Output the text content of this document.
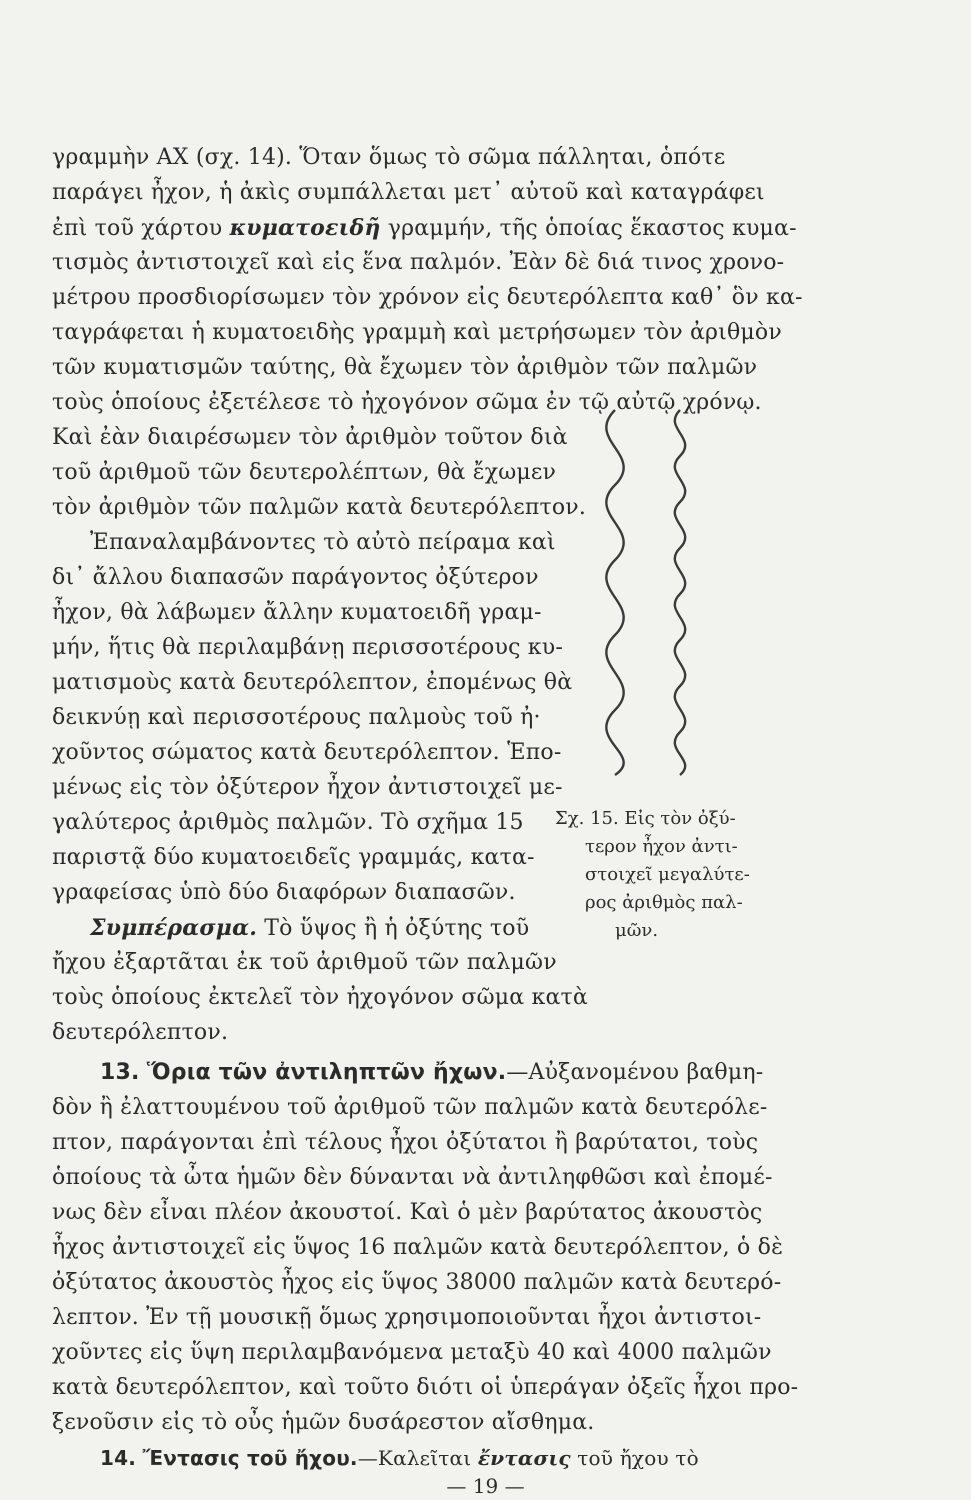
γραμμὴν ΑΧ (σχ. 14). Ὅταν ὅμως τὸ σῶμα πάλληται, ὁπότε
παράγει ἦχον, ἡ ἀκὶς συμπάλλεται μετ᾿ αὐτοῦ καὶ καταγράφει
ἐπὶ τοῦ χάρτου κυματοειδῆ γραμμήν, τῆς ὁποίας ἕκαστος κυμα-
τισμὸς ἀντιστοιχεῖ καὶ εἰς ἕνα παλμόν. Ἐὰν δὲ διά τινος χρονο-
μέτρου προσδιορίσωμεν τὸν χρόνον εἰς δευτερόλεπτα καθ᾿ ὃν κα-
ταγράφεται ἡ κυματοειδὴς γραμμὴ καὶ μετρήσωμεν τὸν ἀριθμὸν
τῶν κυματισμῶν ταύτης, θὰ ἔχωμεν τὸν ἀριθμὸν τῶν παλμῶν
τοὺς ὁποίους ἐξετέλεσε τὸ ἠχογόνον σῶμα ἐν τῷ αὐτῷ χρόνῳ.
Καὶ ἐὰν διαιρέσωμεν τὸν ἀριθμὸν τοῦτον διὰ
τοῦ ἀριθμοῦ τῶν δευτερολέπτων, θὰ ἔχωμεν
τὸν ἀριθμὸν τῶν παλμῶν κατὰ δευτερόλεπτον.
Ἐπαναλαμβάνοντες τὸ αὐτὸ πείραμα καὶ
δι᾿ ἄλλου διαπασῶν παράγοντος ὀξύτερον
ἦχον, θὰ λάβωμεν ἄλλην κυματοειδῆ γραμ-
μήν, ἥτις θὰ περιλαμβάνῃ περισσοτέρους κυ-
ματισμοὺς κατὰ δευτερόλεπτον, ἐπομένως θὰ
δεικνύῃ καὶ περισσοτέρους παλμοὺς τοῦ ἠ·
χοῦντος σώματος κατὰ δευτερόλεπτον. Ἑπο-
μένως εἰς τὸν ὀξύτερον ἦχον ἀντιστοιχεῖ με-
γαλύτερος ἀριθμὸς παλμῶν. Τὸ σχῆμα 15
παριστᾷ δύο κυματοειδεῖς γραμμάς, κατα-
γραφείσας ὑπὸ δύο διαφόρων διαπασῶν.
Συμπέρασμα. Τὸ ὕψος ἢ ἡ ὀξύτης τοῦ
ἤχου ἐξαρτᾶται ἐκ τοῦ ἀριθμοῦ τῶν παλμῶν
τοὺς ὁποίους ἐκτελεῖ τὸν ἠχογόνον σῶμα κατὰ
δευτερόλεπτον.
Σχ. 15. Εἰς τὸν ὀξύ-
τερον ἦχον ἀντι-
στοιχεῖ μεγαλύτε-
ρος ἀριθμὸς παλ-
μῶν.
13. Ὅρια τῶν ἀντιληπτῶν ἤχων.—Αὐξανομένου βαθμη-
δὸν ἢ ἐλαττουμένου τοῦ ἀριθμοῦ τῶν παλμῶν κατὰ δευτερόλε-
πτον, παράγονται ἐπὶ τέλους ἦχοι ὀξύτατοι ἢ βαρύτατοι, τοὺς
ὁποίους τὰ ὦτα ἡμῶν δὲν δύνανται νὰ ἀντιληφθῶσι καὶ ἐπομέ-
νως δὲν εἶναι πλέον ἀκουστοί. Καὶ ὁ μὲν βαρύτατος ἀκουστὸς
ἦχος ἀντιστοιχεῖ εἰς ὕψος 16 παλμῶν κατὰ δευτερόλεπτον, ὁ δὲ
ὀξύτατος ἀκουστὸς ἦχος εἰς ὕψος 38000 παλμῶν κατὰ δευτερό-
λεπτον. Ἐν τῇ μουσικῇ ὅμως χρησιμοποιοῦνται ἦχοι ἀντιστοι-
χοῦντες εἰς ὕψη περιλαμβανόμενα μεταξὺ 40 καὶ 4000 παλμῶν
κατὰ δευτερόλεπτον, καὶ τοῦτο διότι οἱ ὑπεράγαν ὀξεῖς ἦχοι προ-
ξενοῦσιν εἰς τὸ οὖς ἡμῶν δυσάρεστον αἴσθημα.
14. Ἔντασις τοῦ ἤχου.—Καλεῖται ἔντασις τοῦ ἤχου τὸ
— 19 —
